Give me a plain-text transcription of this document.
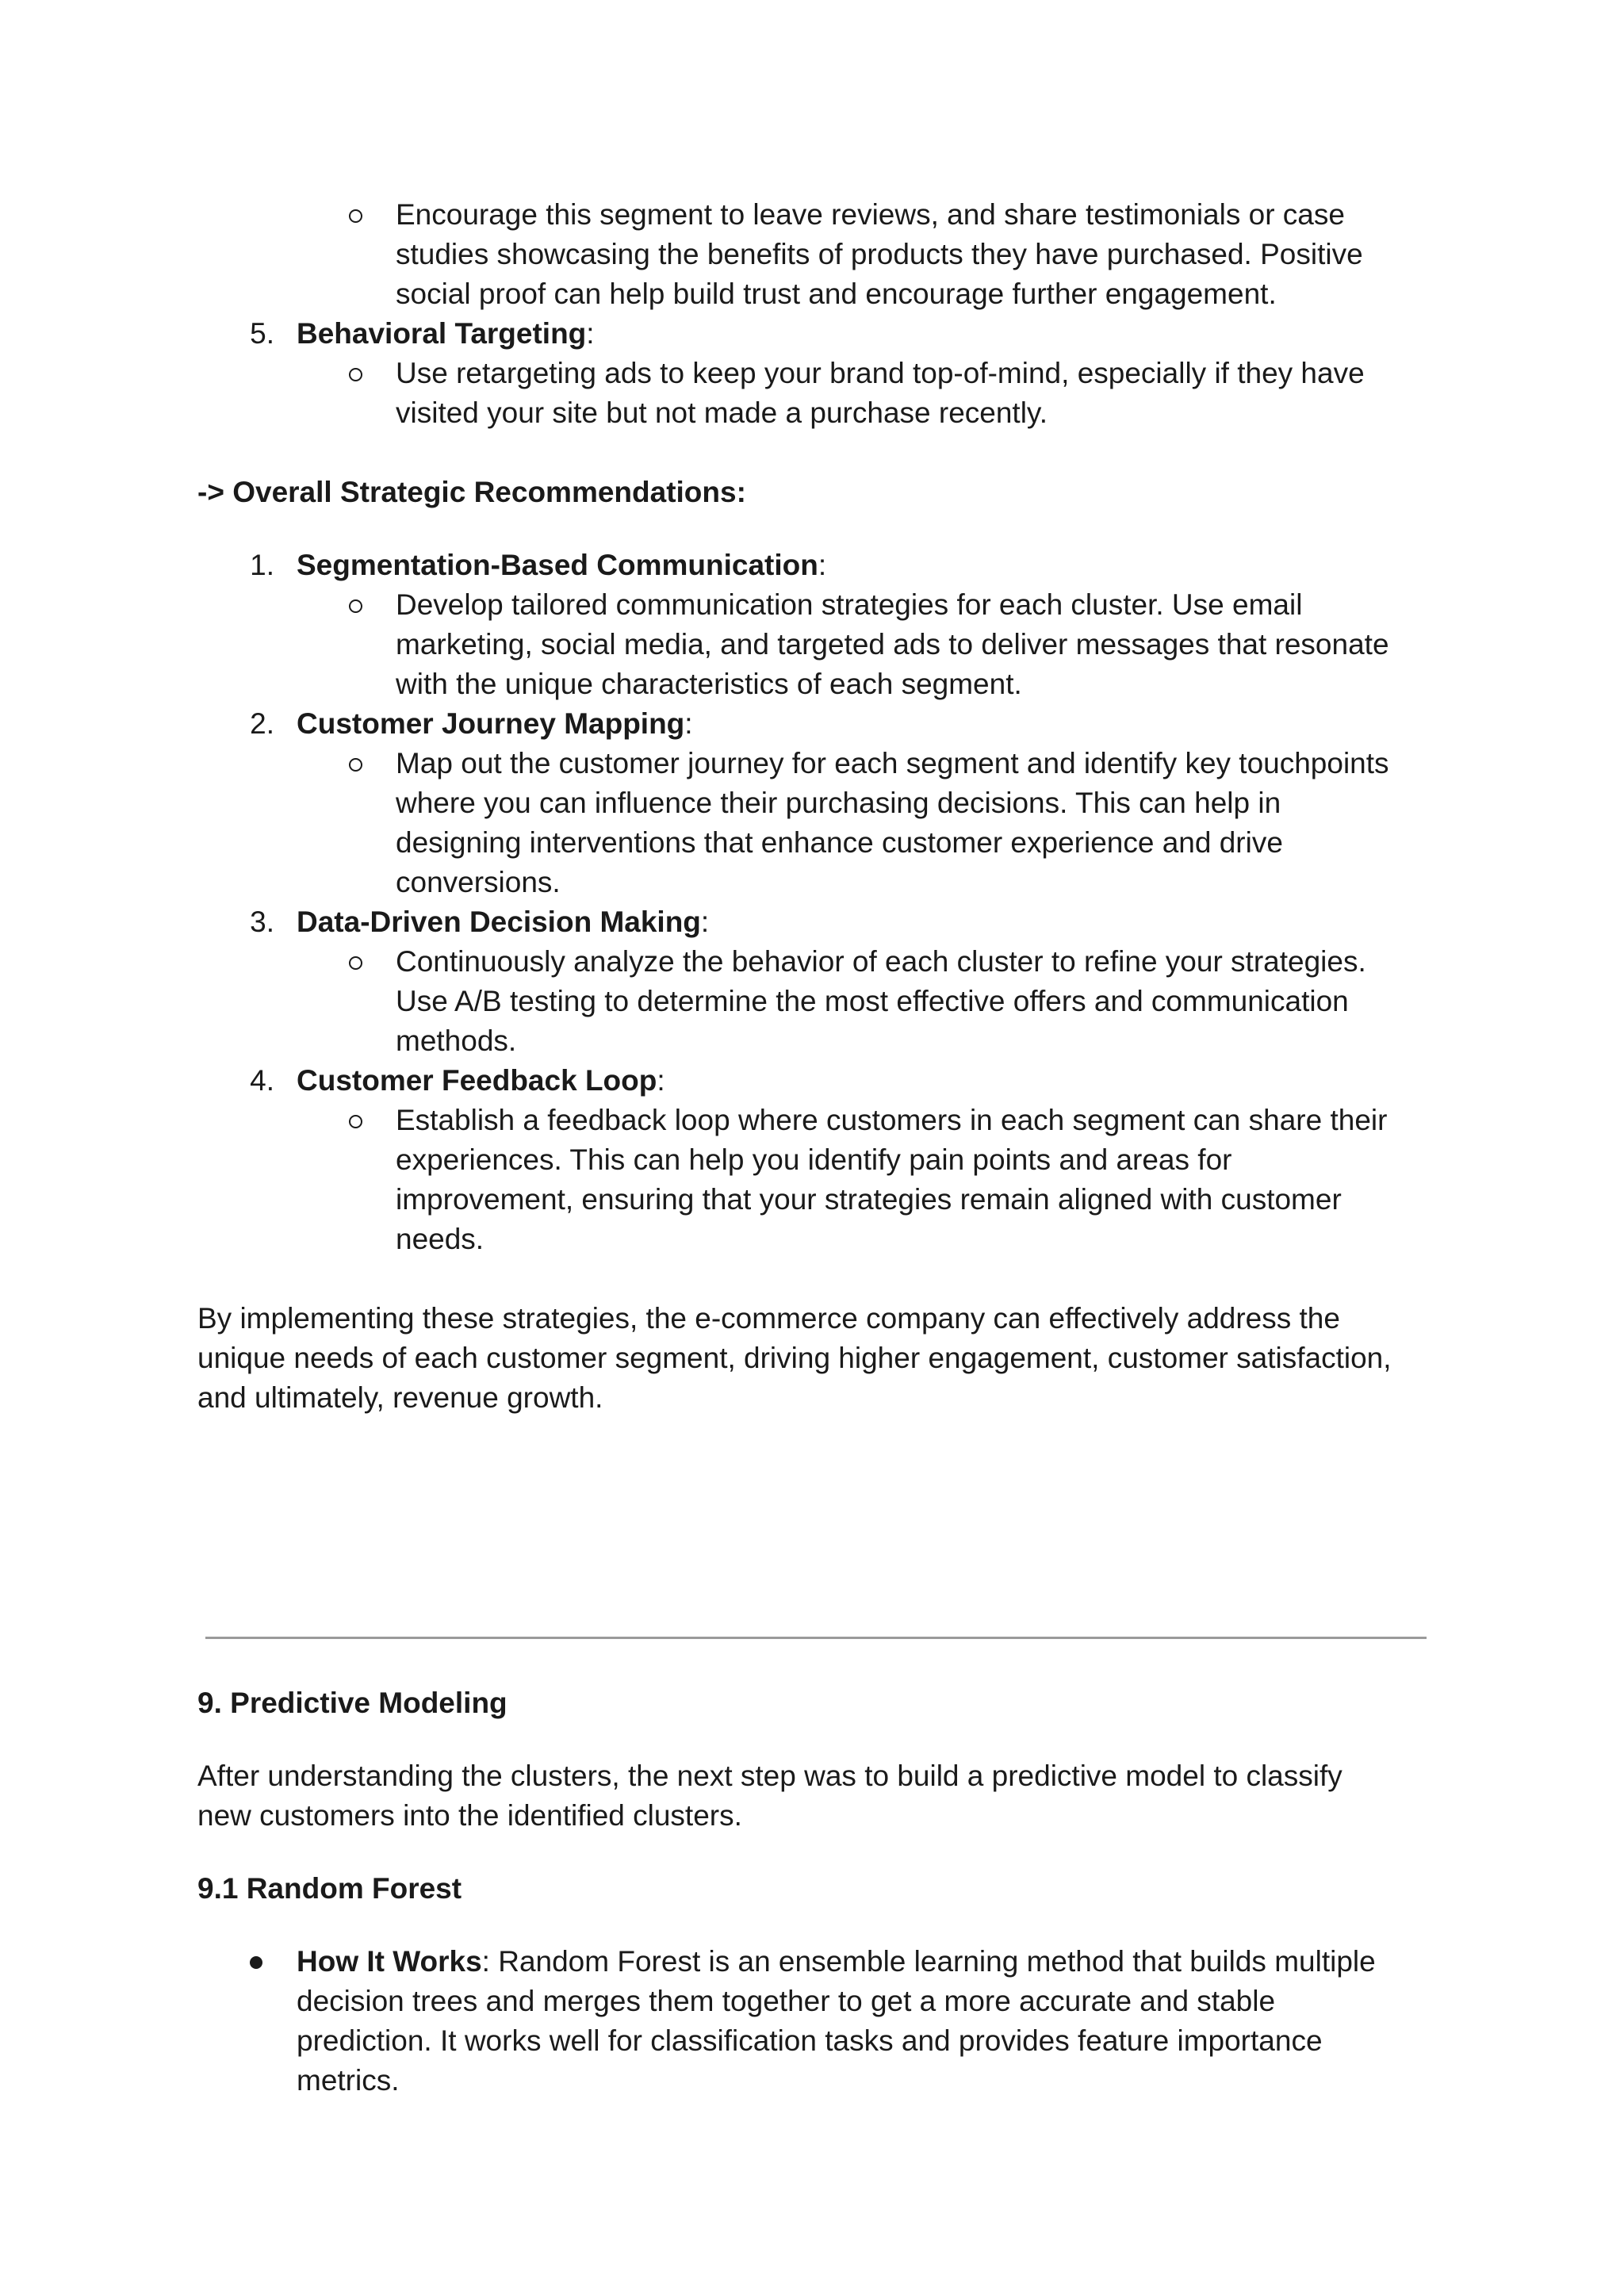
Encourage this segment to leave reviews, and share testimonials or case
studies showcasing the benefits of products they have purchased. Positive
social proof can help build trust and encourage further engagement.
5. Behavioral Targeting:
Use retargeting ads to keep your brand top-of-mind, especially if they have
visited your site but not made a purchase recently.
-> Overall Strategic Recommendations:
1. Segmentation-Based Communication:
Develop tailored communication strategies for each cluster. Use email
marketing, social media, and targeted ads to deliver messages that resonate
with the unique characteristics of each segment.
2. Customer Journey Mapping:
Map out the customer journey for each segment and identify key touchpoints
where you can influence their purchasing decisions. This can help in
designing interventions that enhance customer experience and drive
conversions.
3. Data-Driven Decision Making:
Continuously analyze the behavior of each cluster to refine your strategies.
Use A/B testing to determine the most effective offers and communication
methods.
4. Customer Feedback Loop:
Establish a feedback loop where customers in each segment can share their
experiences. This can help you identify pain points and areas for
improvement, ensuring that your strategies remain aligned with customer
needs.
By implementing these strategies, the e-commerce company can effectively address the
unique needs of each customer segment, driving higher engagement, customer satisfaction,
and ultimately, revenue growth.
9. Predictive Modeling
After understanding the clusters, the next step was to build a predictive model to classify
new customers into the identified clusters.
9.1 Random Forest
How It Works: Random Forest is an ensemble learning method that builds multiple
decision trees and merges them together to get a more accurate and stable
prediction. It works well for classification tasks and provides feature importance
metrics.
